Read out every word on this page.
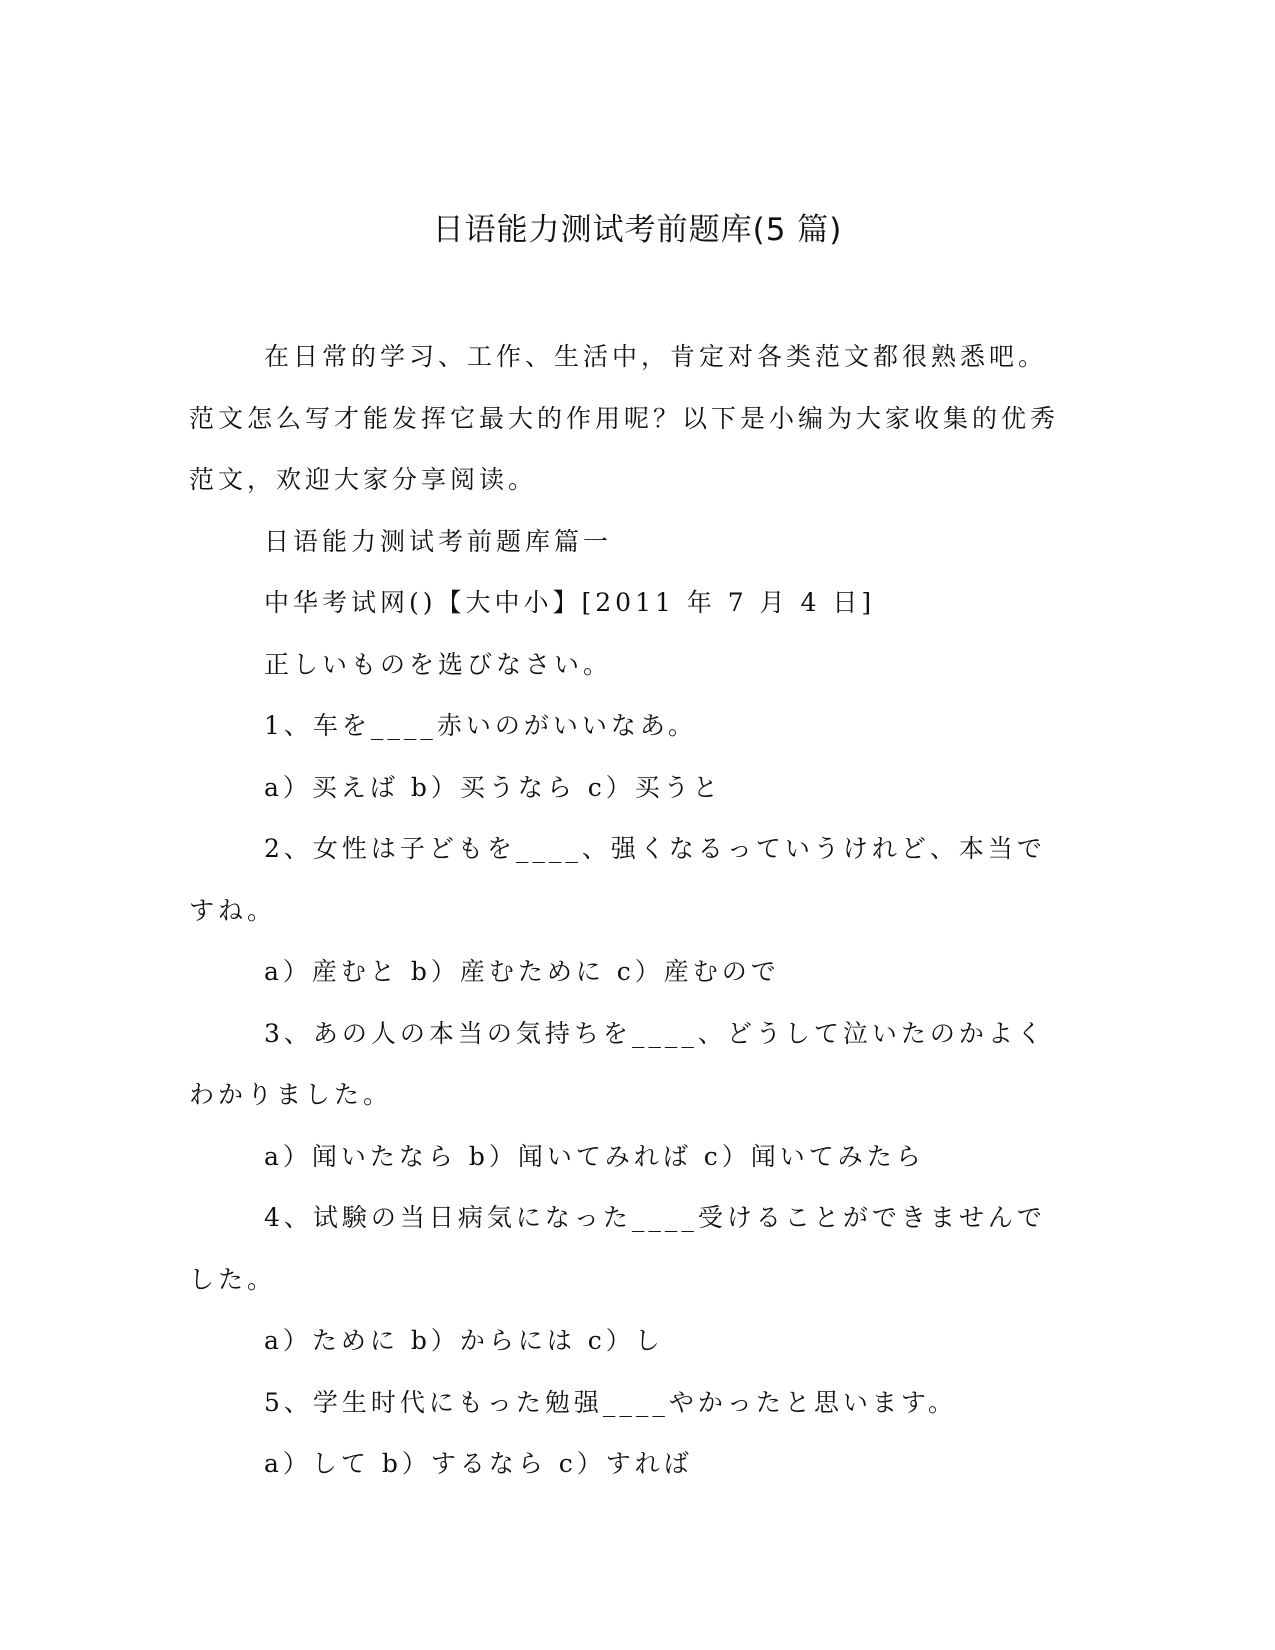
日语能力测试考前题库(5 篇)

在日常的学习、工作、生活中，肯定对各类范文都很熟悉吧。范文怎么写才能发挥它最大的作用呢？以下是小编为大家收集的优秀范文，欢迎大家分享阅读。

日语能力测试考前题库篇一

中华考试网()【大中小】[2011 年 7 月 4 日]

正しいものを选びなさい。

1、车を____赤いのがいいなあ。

a）买えば b）买うなら c）买うと

2、女性は子どもを____、强くなるっていうけれど、本当ですね。

a）産むと b）産むために c）産むので

3、あの人の本当の気持ちを____、どうして泣いたのかよくわかりました。

a）闻いたなら b）闻いてみれば c）闻いてみたら

4、试験の当日病気になった____受けることができませんでした。

a）ために b）からには c）し

5、学生时代にもった勉强____やかったと思います。

a）して b）するなら c）すれば
